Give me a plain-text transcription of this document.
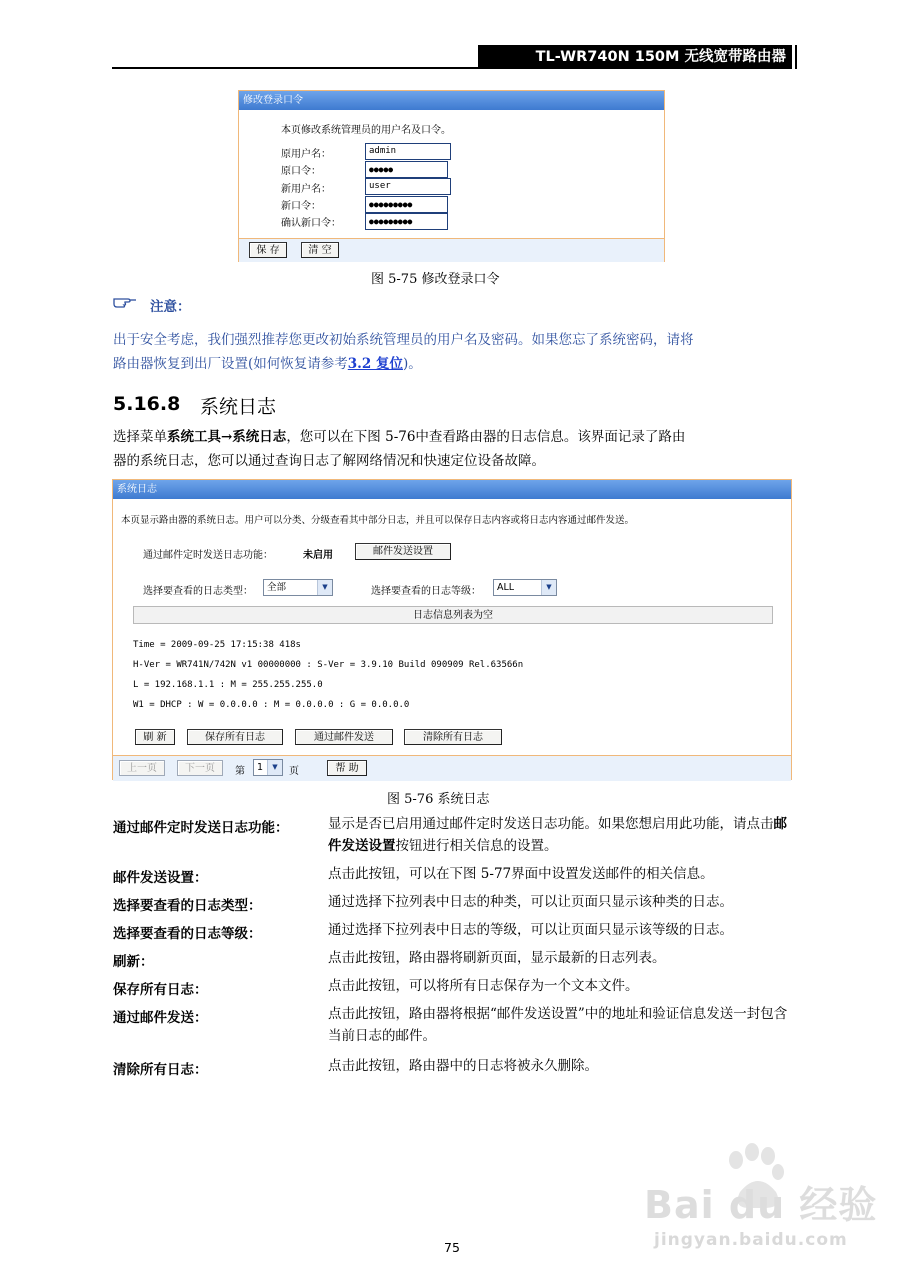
TL-WR740N 150M 无线宽带路由器
修改登录口令
本页修改系统管理员的用户名及口令。
原用户名：	admin
原口令：	●●●●●
新用户名：	user
新口令：	●●●●●●●●●
确认新口令：	●●●●●●●●●
保 存	清 空
图 5-75 修改登录口令
注意：
出于安全考虑，我们强烈推荐您更改初始系统管理员的用户名及密码。如果您忘了系统密码，请将
路由器恢复到出厂设置(如何恢复请参考3.2 复位)。
5.16.8 系统日志
选择菜单系统工具→系统日志，您可以在下图 5-76中查看路由器的日志信息。该界面记录了路由
器的系统日志，您可以通过查询日志了解网络情况和快速定位设备故障。
系统日志
本页显示路由器的系统日志。用户可以分类、分级查看其中部分日志，并且可以保存日志内容或将日志内容通过邮件发送。
通过邮件定时发送日志功能：	未启用	邮件发送设置
选择要查看的日志类型：	全部	▼	选择要查看的日志等级：	ALL	▼
日志信息列表为空
Time = 2009-09-25 17:15:38 418s
H-Ver = WR741N/742N v1 00000000 : S-Ver = 3.9.10 Build 090909 Rel.63566n
L = 192.168.1.1 : M = 255.255.255.0
W1 = DHCP : W = 0.0.0.0 : M = 0.0.0.0 : G = 0.0.0.0
刷 新	保存所有日志	通过邮件发送	清除所有日志
上一页	下一页	第	1	▼	页	帮 助
图 5-76 系统日志
通过邮件定时发送日志功能：	显示是否已启用通过邮件定时发送日志功能。如果您想启用此功能，请点击邮件发送设置按钮进行相关信息的设置。
邮件发送设置：	点击此按钮，可以在下图 5-77界面中设置发送邮件的相关信息。
选择要查看的日志类型：	通过选择下拉列表中日志的种类，可以让页面只显示该种类的日志。
选择要查看的日志等级：	通过选择下拉列表中日志的等级，可以让页面只显示该等级的日志。
刷新：	点击此按钮，路由器将刷新页面，显示最新的日志列表。
保存所有日志：	点击此按钮，可以将所有日志保存为一个文本文件。
通过邮件发送：	点击此按钮，路由器将根据“邮件发送设置”中的地址和验证信息发送一封包含当前日志的邮件。
清除所有日志：	点击此按钮，路由器中的日志将被永久删除。
Bai du 经验
jingyan.baidu.com
75
